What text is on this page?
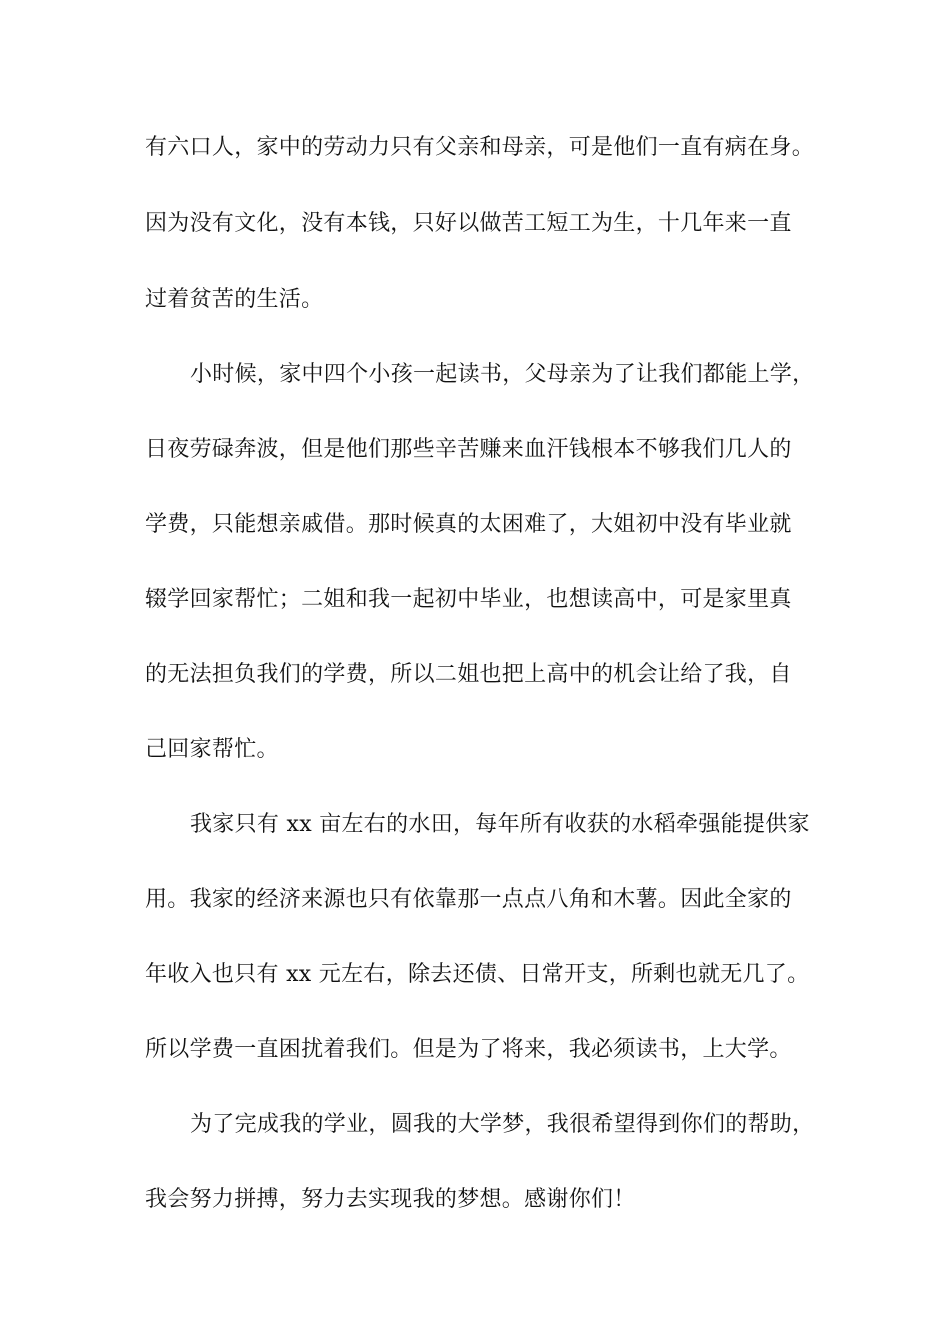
有六口人，家中的劳动力只有父亲和母亲，可是他们一直有病在身。
因为没有文化，没有本钱，只好以做苦工短工为生，十几年来一直
过着贫苦的生活。
小时候，家中四个小孩一起读书，父母亲为了让我们都能上学，
日夜劳碌奔波，但是他们那些辛苦赚来血汗钱根本不够我们几人的
学费，只能想亲戚借。那时候真的太困难了，大姐初中没有毕业就
辍学回家帮忙；二姐和我一起初中毕业，也想读高中，可是家里真
的无法担负我们的学费，所以二姐也把上高中的机会让给了我，自
己回家帮忙。
我家只有 xx 亩左右的水田，每年所有收获的水稻牵强能提供家
用。我家的经济来源也只有依靠那一点点八角和木薯。因此全家的
年收入也只有 xx 元左右，除去还债、日常开支，所剩也就无几了。
所以学费一直困扰着我们。但是为了将来，我必须读书，上大学。
为了完成我的学业，圆我的大学梦，我很希望得到你们的帮助，
我会努力拼搏，努力去实现我的梦想。感谢你们！
